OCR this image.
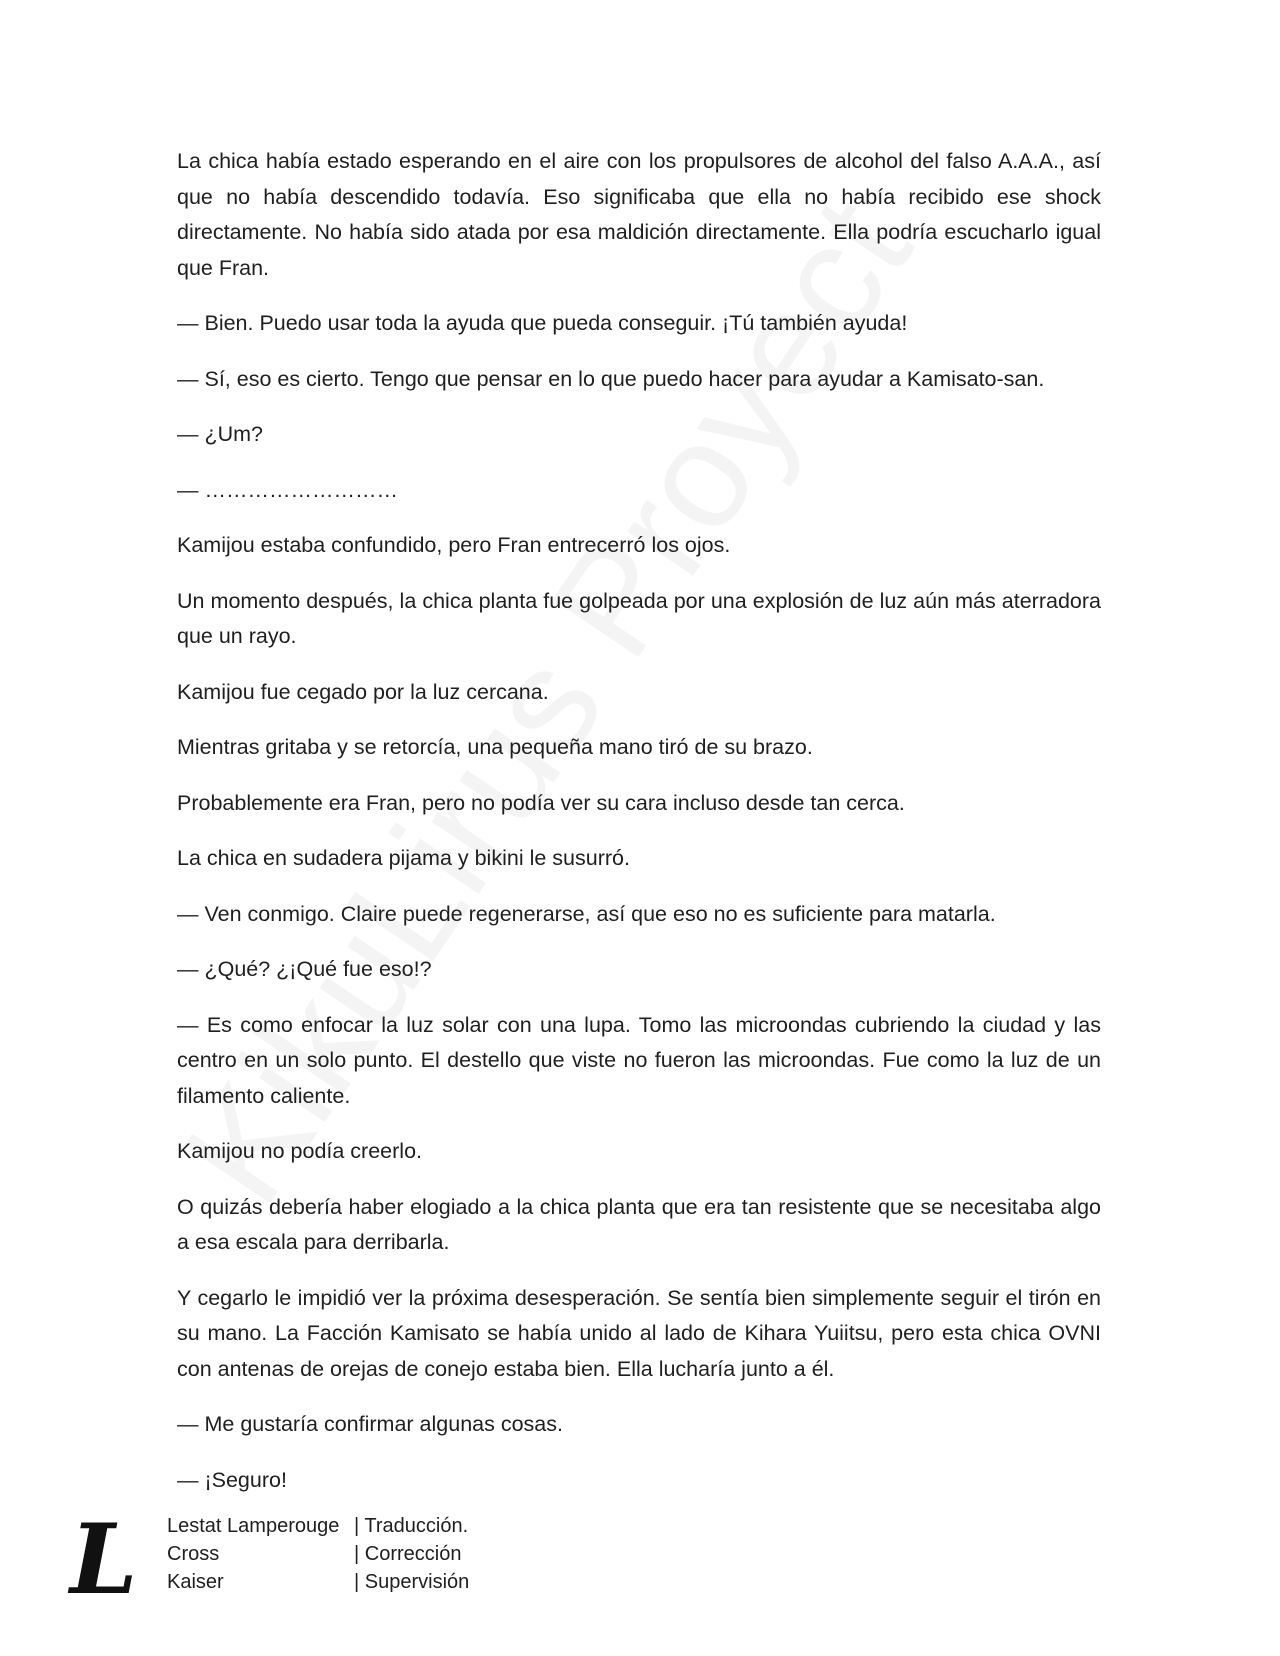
La chica había estado esperando en el aire con los propulsores de alcohol del falso A.A.A., así que no había descendido todavía. Eso significaba que ella no había recibido ese shock directamente. No había sido atada por esa maldición directamente. Ella podría escucharlo igual que Fran.

— Bien. Puedo usar toda la ayuda que pueda conseguir. ¡Tú también ayuda!

— Sí, eso es cierto. Tengo que pensar en lo que puedo hacer para ayudar a Kamisato-san.

— ¿Um?

— ………………………

Kamijou estaba confundido, pero Fran entrecerró los ojos.

Un momento después, la chica planta fue golpeada por una explosión de luz aún más aterradora que un rayo.

Kamijou fue cegado por la luz cercana.

Mientras gritaba y se retorcía, una pequeña mano tiró de su brazo.

Probablemente era Fran, pero no podía ver su cara incluso desde tan cerca.

La chica en sudadera pijama y bikini le susurró.

— Ven conmigo. Claire puede regenerarse, así que eso no es suficiente para matarla.

— ¿Qué? ¿¡Qué fue eso!?

— Es como enfocar la luz solar con una lupa. Tomo las microondas cubriendo la ciudad y las centro en un solo punto. El destello que viste no fueron las microondas. Fue como la luz de un filamento caliente.

Kamijou no podía creerlo.

O quizás debería haber elogiado a la chica planta que era tan resistente que se necesitaba algo a esa escala para derribarla.

Y cegarlo le impidió ver la próxima desesperación. Se sentía bien simplemente seguir el tirón en su mano. La Facción Kamisato se había unido al lado de Kihara Yuiitsu, pero esta chica OVNI con antenas de orejas de conejo estaba bien. Ella lucharía junto a él.

— Me gustaría confirmar algunas cosas.

— ¡Seguro!

L Lestat Lamperouge | Traducción.
Cross	| Corrección
Kaiser	| Supervisión
